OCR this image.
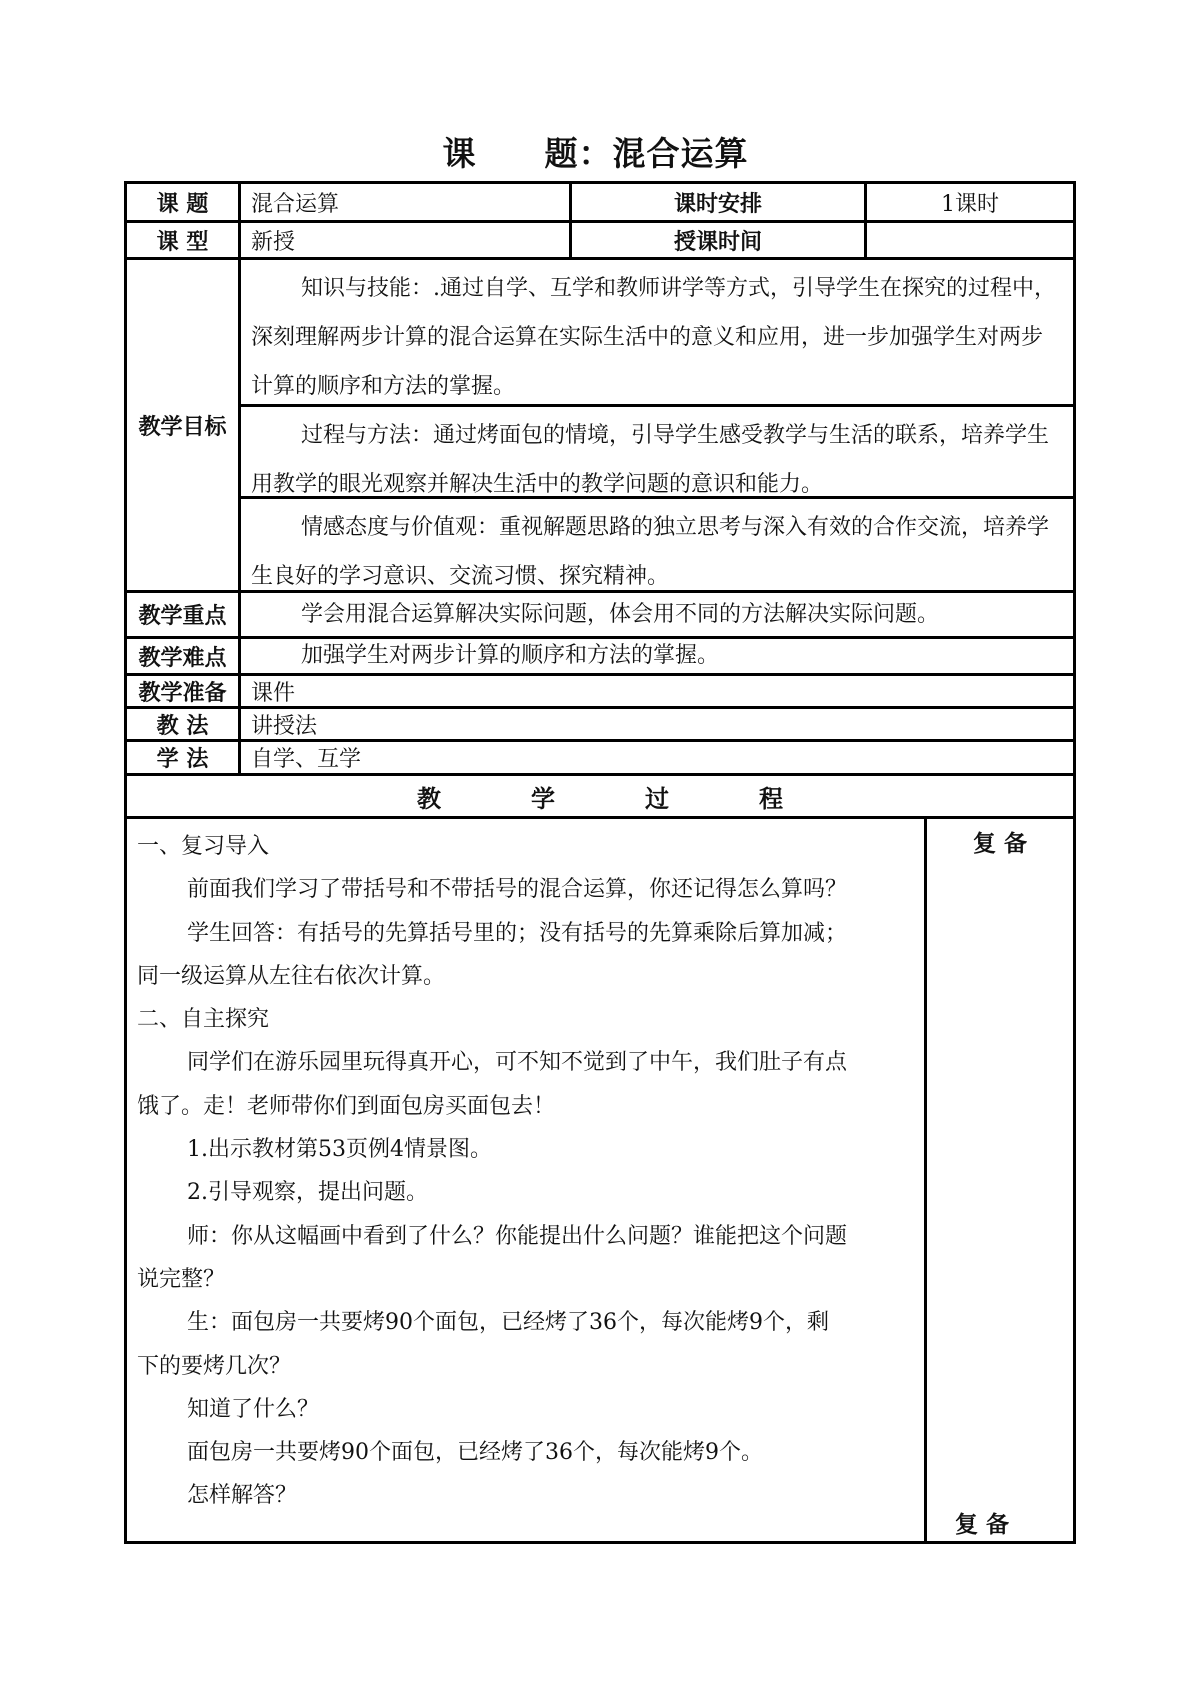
课　　题：混合运算
课 题	混合运算	课时安排	1课时
课 型	新授	授课时间
教学目标
知识与技能：.通过自学、互学和教师讲学等方式，引导学生在探究的过程中，深刻理解两步计算的混合运算在实际生活中的意义和应用，进一步加强学生对两步计算的顺序和方法的掌握。
过程与方法：通过烤面包的情境，引导学生感受教学与生活的联系，培养学生用教学的眼光观察并解决生活中的教学问题的意识和能力。
情感态度与价值观：重视解题思路的独立思考与深入有效的合作交流，培养学生良好的学习意识、交流习惯、探究精神。
教学重点	学会用混合运算解决实际问题，体会用不同的方法解决实际问题。
教学难点	加强学生对两步计算的顺序和方法的掌握。
教学准备	课件
教 法	讲授法
学 法	自学、互学
教	学	过	程
一、复习导入
前面我们学习了带括号和不带括号的混合运算，你还记得怎么算吗？
学生回答：有括号的先算括号里的；没有括号的先算乘除后算加减；
同一级运算从左往右依次计算。
二、自主探究
同学们在游乐园里玩得真开心，可不知不觉到了中午，我们肚子有点
饿了。走！老师带你们到面包房买面包去！
1.出示教材第53页例4情景图。
2.引导观察，提出问题。
师：你从这幅画中看到了什么？你能提出什么问题？谁能把这个问题
说完整？
生：面包房一共要烤90个面包，已经烤了36个，每次能烤9个，剩
下的要烤几次？
知道了什么？
面包房一共要烤90个面包，已经烤了36个，每次能烤9个。
怎样解答？
复 备
复 备
